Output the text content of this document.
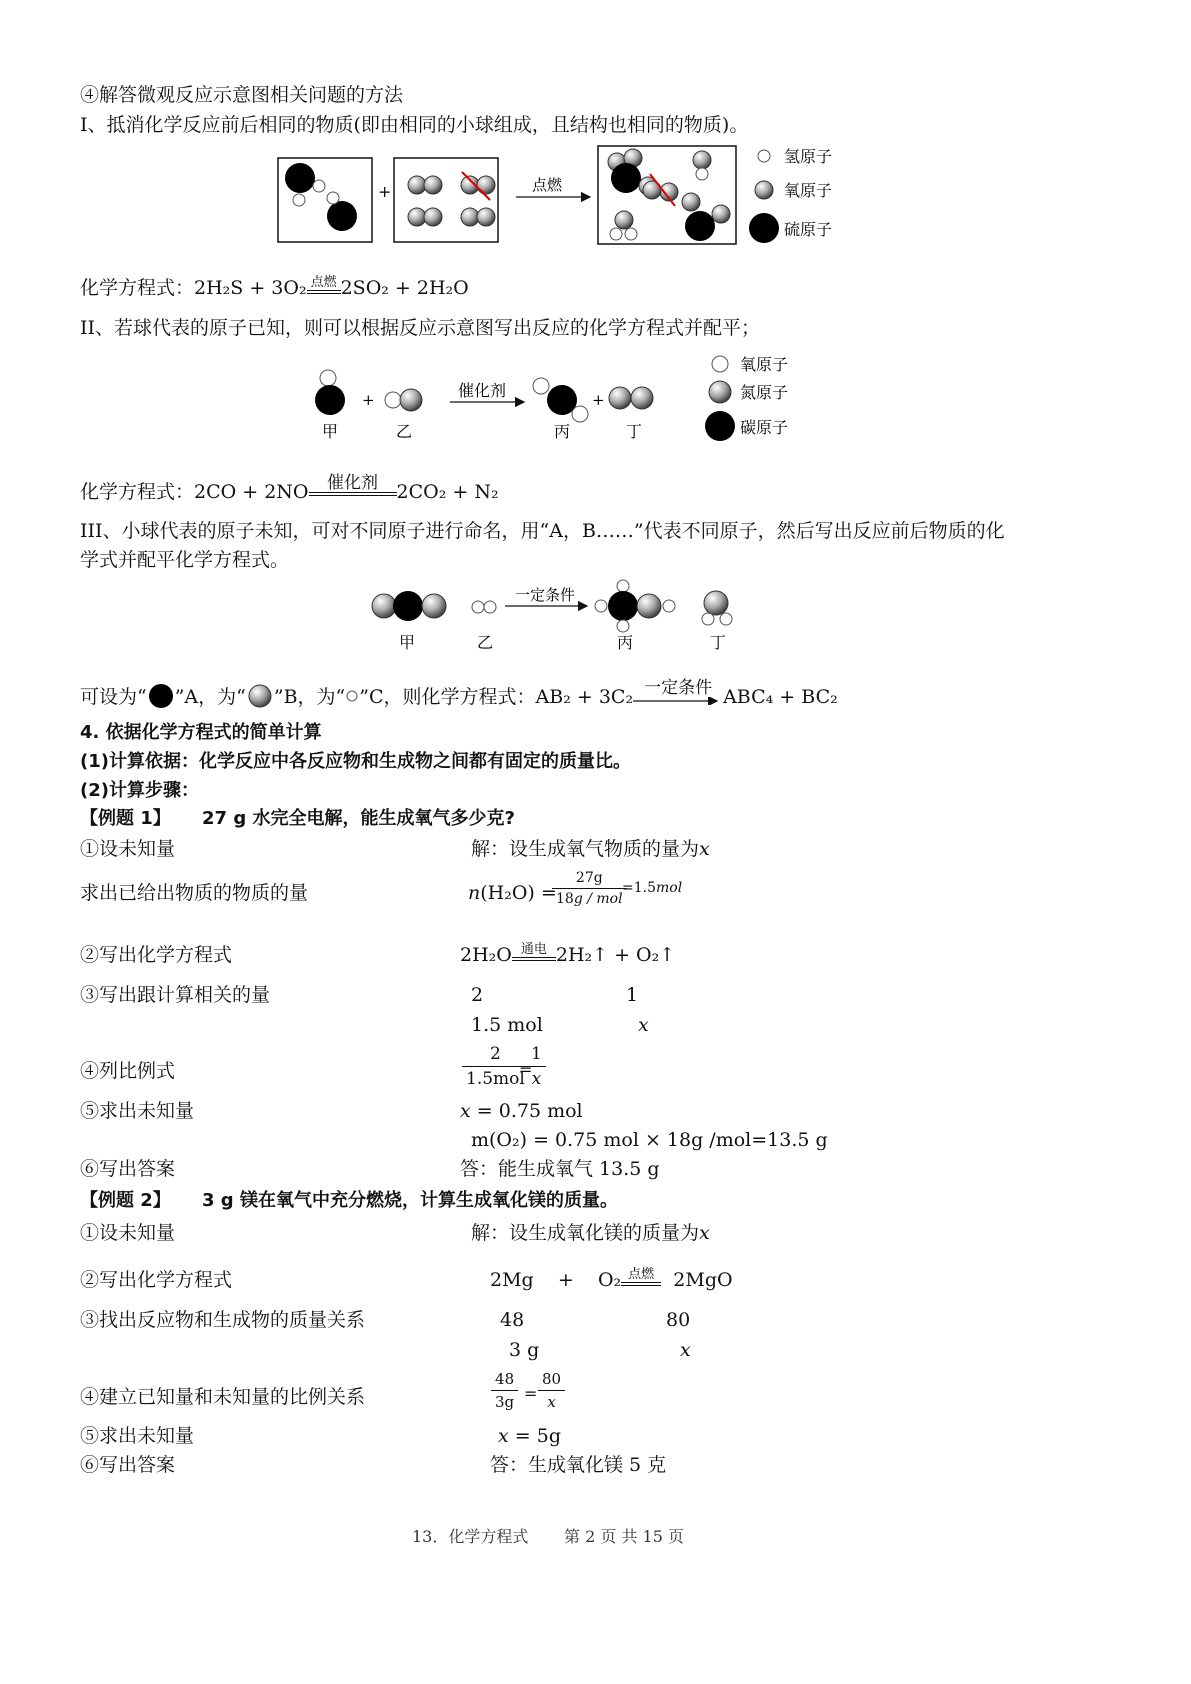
④解答微观反应示意图相关问题的方法
I、抵消化学反应前后相同的物质(即由相同的小球组成，且结构也相同的物质)。
+	点燃
氢原子
氧原子
硫原子
化学方程式：2H₂S + 3O₂ 点燃 2SO₂ + 2H₂O
II、若球代表的原子已知，则可以根据反应示意图写出反应的化学方程式并配平；
甲
+
乙
催化剂
丙
+
丁
氧原子
氮原子
碳原子
化学方程式：2CO + 2NO	催化剂 2CO₂ + N₂
III、小球代表的原子未知，可对不同原子进行命名，用“A，B……”代表不同原子，然后写出反应前后物质的化
学式并配平化学方程式。
甲	乙
一定条件
丙	丁
可设为“ ”A，为“ ”B，为“ ”C，则化学方程式：AB₂ + 3C₂ 一定条件 ABC₄ + BC₂
4. 依据化学方程式的简单计算
(1)计算依据：化学反应中各反应物和生成物之间都有固定的质量比。
(2)计算步骤：
【例题 1】 27 g 水完全电解，能生成氧气多少克?
①设未知量	解：设生成氧气物质的量为x
求出已给出物质的物质的量	n(H₂O) =
27g
18g / mol
=1.5mol
②写出化学方程式	2H₂O 通电 2H₂↑ + O₂↑
③写出跟计算相关的量	2	1
1.5 mol	x
④列比例式
2
1.5mol
=
$\frac{1}{x}$
⑤求出未知量	x = 0.75 mol
m(O₂) = 0.75 mol × 18g /mol=13.5 g
⑥写出答案	答：能生成氧气 13.5 g
【例题 2】 3 g 镁在氧气中充分燃烧，计算生成氧化镁的质量。
①设未知量	解：设生成氧化镁的质量为x
②写出化学方程式	2Mg + O₂ 点燃	2MgO
③找出反应物和生成物的质量关系	48	80
3 g	x
④建立已知量和未知量的比例关系	$\frac{48}{3g} = \frac{80}{x}$
⑤求出未知量	x = 5g
⑥写出答案	答：生成氧化镁 5 克
13．化学方程式 第 2 页 共 15 页
